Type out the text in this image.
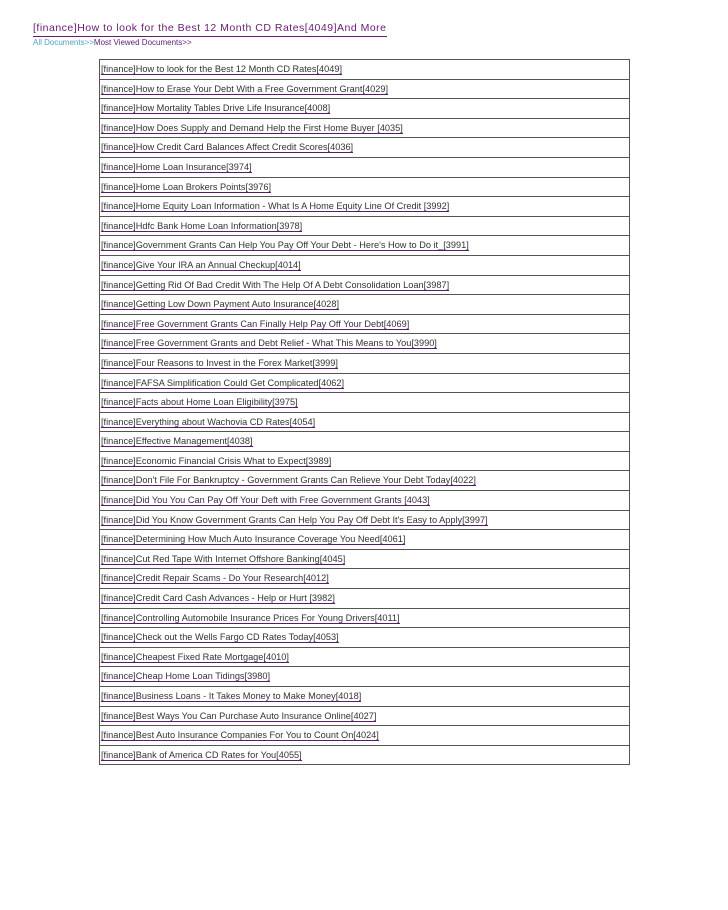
[finance]How to look for the Best 12 Month CD Rates[4049]And More
All Documents>>Most Viewed Documents>>
[finance]How to look for the Best 12 Month CD Rates[4049]
[finance]How to Erase Your Debt With a Free Government Grant[4029]
[finance]How Mortality Tables Drive Life Insurance[4008]
[finance]How Does Supply and Demand Help the First Home Buyer [4035]
[finance]How Credit Card Balances Affect Credit Scores[4036]
[finance]Home Loan Insurance[3974]
[finance]Home Loan Brokers Points[3976]
[finance]Home Equity Loan Information - What Is A Home Equity Line Of Credit [3992]
[finance]Hdfc Bank Home Loan Information[3978]
[finance]Government Grants Can Help You Pay Off Your Debt - Here's How to Do it_[3991]
[finance]Give Your IRA an Annual Checkup[4014]
[finance]Getting Rid Of Bad Credit With The Help Of A Debt Consolidation Loan[3987]
[finance]Getting Low Down Payment Auto Insurance[4028]
[finance]Free Government Grants Can Finally Help Pay Off Your Debt[4069]
[finance]Free Government Grants and Debt Relief - What This Means to You[3990]
[finance]Four Reasons to Invest in the Forex Market[3999]
[finance]FAFSA Simplification Could Get Complicated[4062]
[finance]Facts about Home Loan Eligibility[3975]
[finance]Everything about Wachovia CD Rates[4054]
[finance]Effective Management[4038]
[finance]Economic Financial Crisis What to Expect[3989]
[finance]Don't File For Bankruptcy - Government Grants Can Relieve Your Debt Today[4022]
[finance]Did You You Can Pay Off Your Deft with Free Government Grants [4043]
[finance]Did You Know Government Grants Can Help You Pay Off Debt It's Easy to Apply[3997]
[finance]Determining How Much Auto Insurance Coverage You Need[4061]
[finance]Cut Red Tape With Internet Offshore Banking[4045]
[finance]Credit Repair Scams - Do Your Research[4012]
[finance]Credit Card Cash Advances - Help or Hurt [3982]
[finance]Controlling Automobile Insurance Prices For Young Drivers[4011]
[finance]Check out the Wells Fargo CD Rates Today[4053]
[finance]Cheapest Fixed Rate Mortgage[4010]
[finance]Cheap Home Loan Tidings[3980]
[finance]Business Loans - It Takes Money to Make Money[4018]
[finance]Best Ways You Can Purchase Auto Insurance Online[4027]
[finance]Best Auto Insurance Companies For You to Count On[4024]
[finance]Bank of America CD Rates for You[4055]
